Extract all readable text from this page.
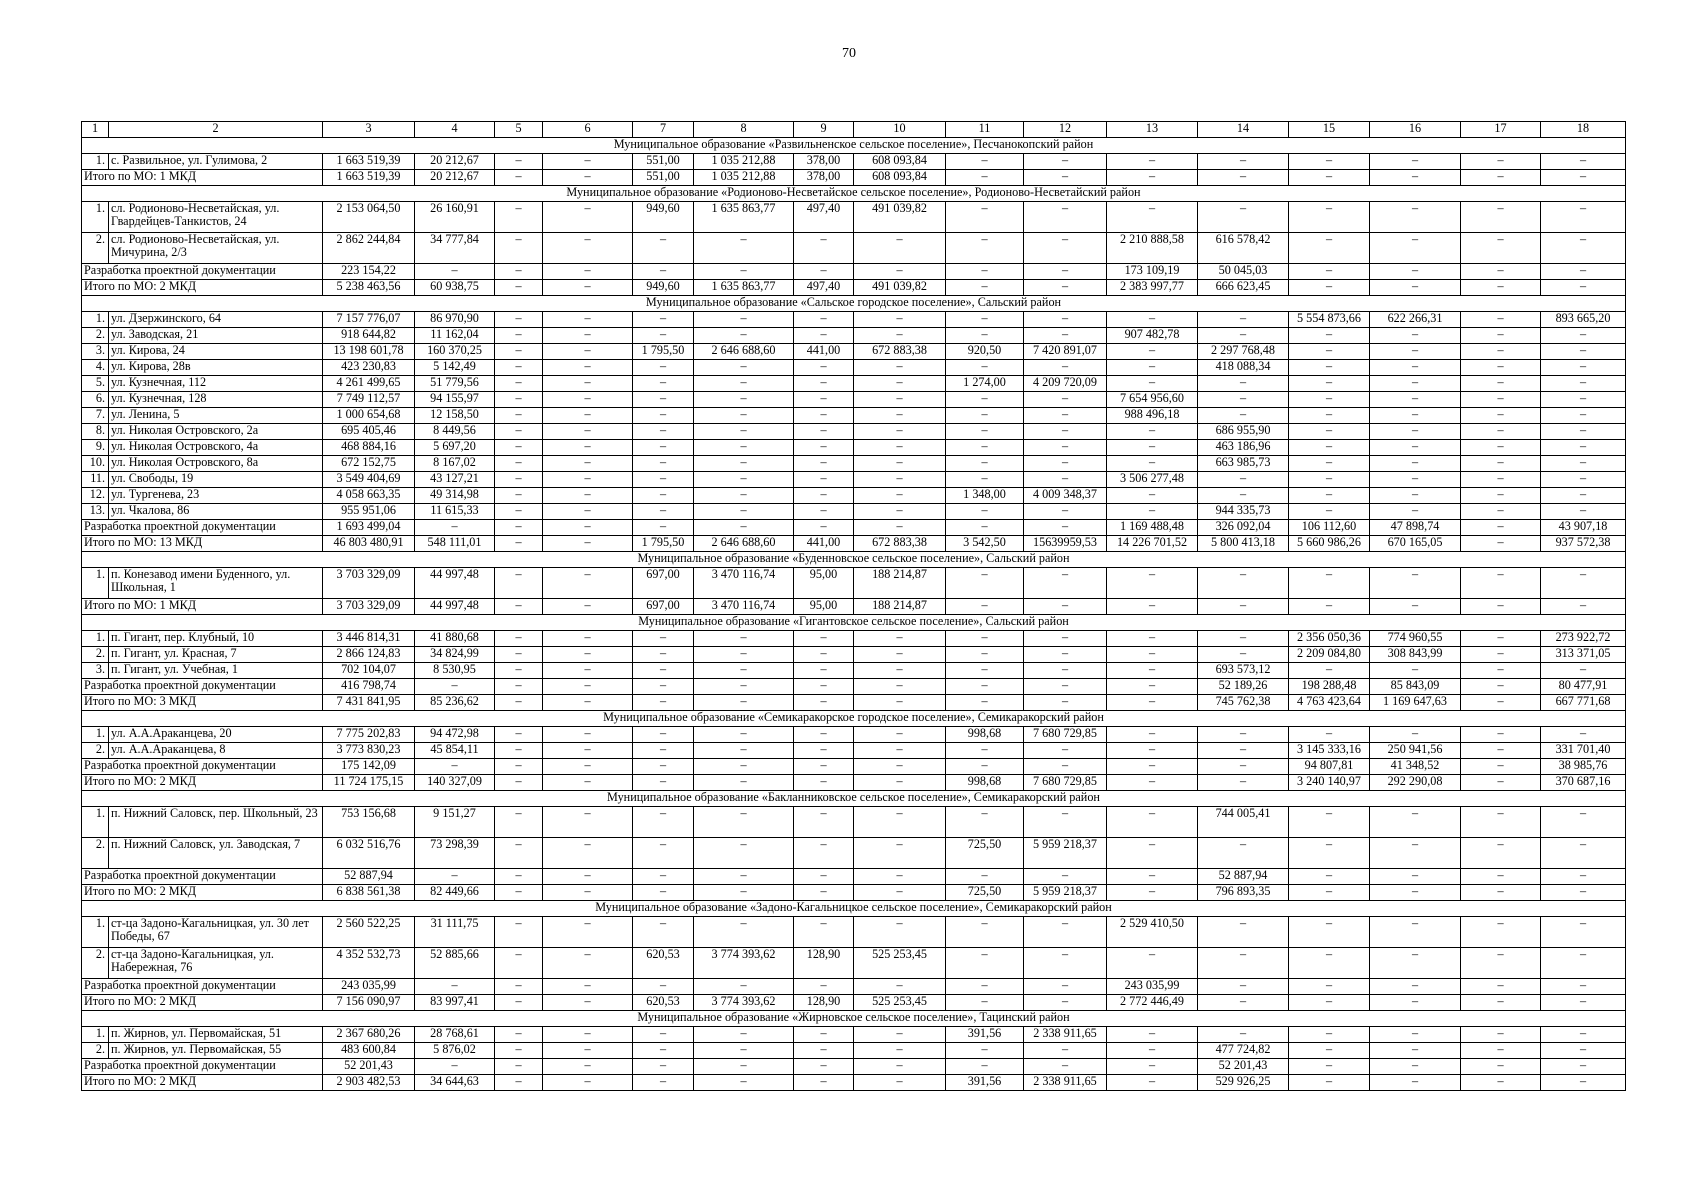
70
1	2	3	4	5	6	7	8	9	10	11	12	13	14	15	16	17	18
Муниципальное образование «Развильненское сельское поселение», Песчанокопский район																	
1.	с. Развильное, ул. Гулимова, 2	1 663 519,39	20 212,67	–	–	551,00	1 035 212,88	378,00	608 093,84	–	–	–	–	–	–	–	–
Итого по МО: 1 МКД		1 663 519,39	20 212,67	–	–	551,00	1 035 212,88	378,00	608 093,84	–	–	–	–	–	–	–	–
Муниципальное образование «Родионово-Несветайское сельское поселение», Родионово-Несветайский район																	
1.	сл. Родионово-Несветайская, ул. Гвардейцев-Танкистов, 24	2 153 064,50	26 160,91	–	–	949,60	1 635 863,77	497,40	491 039,82	–	–	–	–	–	–	–	–
2.	сл. Родионово-Несветайская, ул. Мичурина, 2/3	2 862 244,84	34 777,84	–	–	–	–	–	–	–	–	2 210 888,58	616 578,42	–	–	–	–
Разработка проектной документации		223 154,22	–	–	–	–	–	–	–	–	–	173 109,19	50 045,03	–	–	–	–
Итого по МО: 2 МКД		5 238 463,56	60 938,75	–	–	949,60	1 635 863,77	497,40	491 039,82	–	–	2 383 997,77	666 623,45	–	–	–	–
Муниципальное образование «Сальское городское поселение», Сальский район																	
1.	ул. Дзержинского, 64	7 157 776,07	86 970,90	–	–	–	–	–	–	–	–	–	–	5 554 873,66	622 266,31	–	893 665,20
2.	ул. Заводская, 21	918 644,82	11 162,04	–	–	–	–	–	–	–	–	907 482,78	–	–	–	–	–
3.	ул. Кирова, 24	13 198 601,78	160 370,25	–	–	1 795,50	2 646 688,60	441,00	672 883,38	920,50	7 420 891,07	–	2 297 768,48	–	–	–	–
4.	ул. Кирова, 28в	423 230,83	5 142,49	–	–	–	–	–	–	–	–	–	418 088,34	–	–	–	–
5.	ул. Кузнечная, 112	4 261 499,65	51 779,56	–	–	–	–	–	–	1 274,00	4 209 720,09	–	–	–	–	–	–
6.	ул. Кузнечная, 128	7 749 112,57	94 155,97	–	–	–	–	–	–	–	–	7 654 956,60	–	–	–	–	–
7.	ул. Ленина, 5	1 000 654,68	12 158,50	–	–	–	–	–	–	–	–	988 496,18	–	–	–	–	–
8.	ул. Николая Островского, 2а	695 405,46	8 449,56	–	–	–	–	–	–	–	–	–	686 955,90	–	–	–	–
9.	ул. Николая Островского, 4а	468 884,16	5 697,20	–	–	–	–	–	–	–	–	–	463 186,96	–	–	–	–
10.	ул. Николая Островского, 8а	672 152,75	8 167,02	–	–	–	–	–	–	–	–	–	663 985,73	–	–	–	–
11.	ул. Свободы, 19	3 549 404,69	43 127,21	–	–	–	–	–	–	–	–	3 506 277,48	–	–	–	–	–
12.	ул. Тургенева, 23	4 058 663,35	49 314,98	–	–	–	–	–	–	1 348,00	4 009 348,37	–	–	–	–	–	–
13.	ул. Чкалова, 86	955 951,06	11 615,33	–	–	–	–	–	–	–	–	–	944 335,73	–	–	–	–
Разработка проектной документации		1 693 499,04	–	–	–	–	–	–	–	–	–	1 169 488,48	326 092,04	106 112,60	47 898,74	–	43 907,18
Итого по МО: 13 МКД		46 803 480,91	548 111,01	–	–	1 795,50	2 646 688,60	441,00	672 883,38	3 542,50	15639959,53	14 226 701,52	5 800 413,18	5 660 986,26	670 165,05	–	937 572,38
Муниципальное образование «Буденновское сельское поселение», Сальский район																	
1.	п. Конезавод имени Буденного, ул. Школьная, 1	3 703 329,09	44 997,48	–	–	697,00	3 470 116,74	95,00	188 214,87	–	–	–	–	–	–	–	–
Итого по МО: 1 МКД		3 703 329,09	44 997,48	–	–	697,00	3 470 116,74	95,00	188 214,87	–	–	–	–	–	–	–	–
Муниципальное образование «Гигантовское сельское поселение», Сальский район																	
1.	п. Гигант, пер. Клубный, 10	3 446 814,31	41 880,68	–	–	–	–	–	–	–	–	–	–	2 356 050,36	774 960,55	–	273 922,72
2.	п. Гигант, ул. Красная, 7	2 866 124,83	34 824,99	–	–	–	–	–	–	–	–	–	–	2 209 084,80	308 843,99	–	313 371,05
3.	п. Гигант, ул. Учебная, 1	702 104,07	8 530,95	–	–	–	–	–	–	–	–	–	693 573,12	–	–	–	–
Разработка проектной документации		416 798,74	–	–	–	–	–	–	–	–	–	–	52 189,26	198 288,48	85 843,09	–	80 477,91
Итого по МО: 3 МКД		7 431 841,95	85 236,62	–	–	–	–	–	–	–	–	–	745 762,38	4 763 423,64	1 169 647,63	–	667 771,68
Муниципальное образование «Семикаракорское городское поселение», Семикаракорский район																	
1.	ул. А.А.Араканцева, 20	7 775 202,83	94 472,98	–	–	–	–	–	–	998,68	7 680 729,85	–	–	–	–	–	–
2.	ул. А.А.Араканцева, 8	3 773 830,23	45 854,11	–	–	–	–	–	–	–	–	–	–	3 145 333,16	250 941,56	–	331 701,40
Разработка проектной документации		175 142,09	–	–	–	–	–	–	–	–	–	–	–	94 807,81	41 348,52	–	38 985,76
Итого по МО: 2 МКД		11 724 175,15	140 327,09	–	–	–	–	–	–	998,68	7 680 729,85	–	–	3 240 140,97	292 290,08	–	370 687,16
Муниципальное образование «Бакланниковское сельское поселение», Семикаракорский район																	
1.	п. Нижний Саловск, пер. Школьный, 23	753 156,68	9 151,27	–	–	–	–	–	–	–	–	–	744 005,41	–	–	–	–
2.	п. Нижний Саловск, ул. Заводская, 7	6 032 516,76	73 298,39	–	–	–	–	–	–	725,50	5 959 218,37	–	–	–	–	–	–
Разработка проектной документации		52 887,94	–	–	–	–	–	–	–	–	–	–	52 887,94	–	–	–	–
Итого по МО: 2 МКД		6 838 561,38	82 449,66	–	–	–	–	–	–	725,50	5 959 218,37	–	796 893,35	–	–	–	–
Муниципальное образование «Задоно-Кагальницкое сельское поселение», Семикаракорский район																	
1.	ст-ца Задоно-Кагальницкая, ул. 30 лет Победы, 67	2 560 522,25	31 111,75	–	–	–	–	–	–	–	–	2 529 410,50	–	–	–	–	–
2.	ст-ца Задоно-Кагальницкая, ул. Набережная, 76	4 352 532,73	52 885,66	–	–	620,53	3 774 393,62	128,90	525 253,45	–	–	–	–	–	–	–	–
Разработка проектной документации		243 035,99	–	–	–	–	–	–	–	–	–	243 035,99	–	–	–	–	–
Итого по МО: 2 МКД		7 156 090,97	83 997,41	–	–	620,53	3 774 393,62	128,90	525 253,45	–	–	2 772 446,49	–	–	–	–	–
Муниципальное образование «Жирновское сельское поселение», Тацинский район																	
1.	п. Жирнов, ул. Первомайская, 51	2 367 680,26	28 768,61	–	–	–	–	–	–	391,56	2 338 911,65	–	–	–	–	–	–
2.	п. Жирнов, ул. Первомайская, 55	483 600,84	5 876,02	–	–	–	–	–	–	–	–	–	477 724,82	–	–	–	–
Разработка проектной документации		52 201,43	–	–	–	–	–	–	–	–	–	–	52 201,43	–	–	–	–
Итого по МО: 2 МКД		2 903 482,53	34 644,63	–	–	–	–	–	–	391,56	2 338 911,65	–	529 926,25	–	–	–	–
